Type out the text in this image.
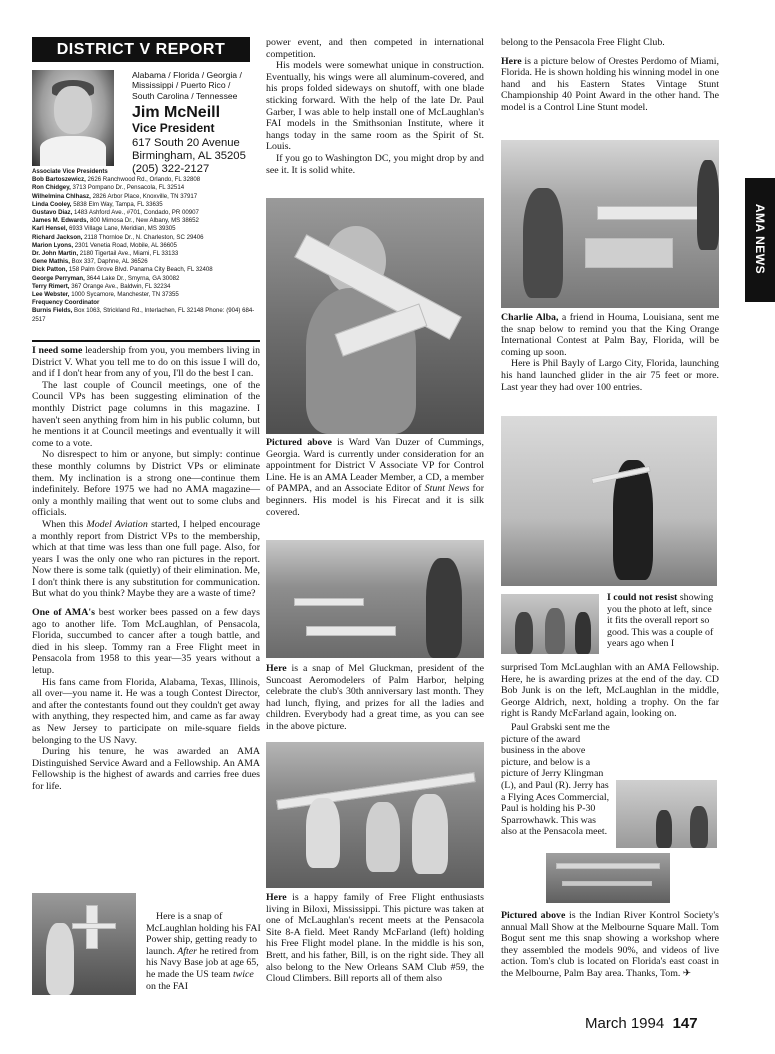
DISTRICT V REPORT
Alabama / Florida / Georgia /
Mississippi / Puerto Rico /
South Carolina / Tennessee
Jim McNeill
Vice President
617 South 20 Avenue
Birmingham, AL 35205
(205) 322-2127
Associate Vice Presidents
Bob Bartoszewicz, 2626 Ranchwood Rd., Orlando, FL 32808
Ron Chidgey, 3713 Pompano Dr., Pensacola, FL 32514
Wilhelmina Chlhasz, 2826 Arbor Place, Knoxville, TN 37917
Linda Cooley, 5838 Elm Way, Tampa, FL 33635
Gustavo Diaz, 1483 Ashford Ave., #701, Condado, PR 00907
James M. Edwards, 800 Mimosa Dr., New Albany, MS 38652
Karl Hensel, 6933 Village Lane, Meridian, MS 39305
Richard Jackson, 2118 Thornloe Dr., N. Charleston, SC 29406
Marion Lyons, 2301 Venetia Road, Mobile, AL 36605
Dr. John Martin, 2180 Tigertail Ave., Miami, FL 33133
Gene Mathis, Box 337, Daphne, AL 36526
Dick Patton, 158 Palm Grove Blvd. Panama City Beach, FL 32408
George Perryman, 3644 Lake Dr., Smyrna, GA 30082
Terry Rimert, 367 Orange Ave., Baldwin, FL 32234
Lee Webster, 1000 Sycamore, Manchester, TN 37355
Frequency Coordinator
Burnis Fields, Box 1063, Strickland Rd., Interlachen, FL 32148 Phone: (904) 684-2517

I need some leadership from you, you members living in District V. What you tell me to do on this issue I will do, and if I don't hear from any of you, I'll do the best I can.

The last couple of Council meetings, one of the Council VPs has been suggesting elimination of the monthly District page columns in this magazine. I haven't seen anything from him in his public column, but he mentions it at Council meetings and eventually it will come to a vote.

No disrespect to him or anyone, but simply: continue these monthly columns by District VPs or eliminate them. My inclination is a strong one—continue them indefinitely. Before 1975 we had no AMA magazine—only a monthly mailing that went out to some clubs and officials.

When this Model Aviation started, I helped encourage a monthly report from District VPs to the membership, which at that time was less than one full page. Also, for years I was the only one who ran pictures in the report. Now there is some talk (quietly) of their elimination. Me, I don't think there is any substitution for communication. But what do you think? Maybe they are a waste of time?

One of AMA's best worker bees passed on a few days ago to another life. Tom McLaughlan, of Pensacola, Florida, succumbed to cancer after a tough battle, and died in his sleep. Tommy ran a Free Flight meet in Pensacola from 1958 to this year—35 years without a letup.

His fans came from Florida, Alabama, Texas, Illinois, all over—you name it. He was a tough Contest Director, and after the contestants found out they couldn't get away with anything, they respected him, and came as far away as New Jersey to participate on mile-square fields belonging to the US Navy.

During his tenure, he was awarded an AMA Distinguished Service Award and a Fellowship. An AMA Fellowship is the highest of awards and carries free dues for life.

Here is a snap of McLaughlan holding his FAI Power ship, getting ready to launch. After he retired from his Navy Base job at age 65, he made the US team twice on the FAI

power event, and then competed in international competition.

His models were somewhat unique in construction. Eventually, his wings were all aluminum-covered, and his props folded sideways on shutoff, with one blade sticking forward. With the help of the late Dr. Paul Garber, I was able to help install one of McLaughlan's FAI models in the Smithsonian Institute, where it hangs today in the same room as the Spirit of St. Louis.

If you go to Washington DC, you might drop by and see it. It is solid white.

Pictured above is Ward Van Duzer of Cummings, Georgia. Ward is currently under consideration for an appointment for District V Associate VP for Control Line. He is an AMA Leader Member, a CD, a member of PAMPA, and an Associate Editor of Stunt News for beginners. His model is his Firecat and it is silk covered.

Here is a snap of Mel Gluckman, president of the Suncoast Aeromodelers of Palm Harbor, helping celebrate the club's 30th anniversary last month. They had lunch, flying, and prizes for all the ladies and children. Everybody had a great time, as you can see in the above picture.

Here is a happy family of Free Flight enthusiasts living in Biloxi, Mississippi. This picture was taken at one of McLaughlan's recent meets at the Pensacola Site 8-A field. Meet Randy McFarland (left) holding his Free Flight model plane. In the middle is his son, Brett, and his father, Bill, is on the right side. They all also belong to the New Orleans SAM Club #59, the Cloud Climbers. Bill reports all of them also

belong to the Pensacola Free Flight Club.

Here is a picture below of Orestes Perdomo of Miami, Florida. He is shown holding his winning model in one hand and his Eastern States Vintage Stunt Championship 40 Point Award in the other hand. The model is a Control Line Stunt model.

Charlie Alba, a friend in Houma, Louisiana, sent me the snap below to remind you that the King Orange International Contest at Palm Bay, Florida, will be coming up soon.

Here is Phil Bayly of Largo City, Florida, launching his hand launched glider in the air 75 feet or more. Last year they had over 100 entries.

I could not resist showing you the photo at left, since it fits the overall report so good. This was a couple of years ago when I

surprised Tom McLaughlan with an AMA Fellowship. Here, he is awarding prizes at the end of the day. CD Bob Junk is on the left, McLaughlan in the middle, George Aldrich, next, holding a trophy. On the far right is Randy McFarland again, looking on.

Paul Grabski sent me the picture of the award business in the above picture, and below is a picture of Jerry Klingman (L), and Paul (R). Jerry has a Flying Aces Commercial, Paul is holding his P-30 Sparrowhawk. This was also at the Pensacola meet.

Pictured above is the Indian River Kontrol Society's annual Mall Show at the Melbourne Square Mall. Tom Bogut sent me this snap showing a workshop where they assembled the models 90%, and videos of live action. Tom's club is located on Florida's east coast in the Melbourne, Palm Bay area. Thanks, Tom. ✈

AMA NEWS
March 1994 147
